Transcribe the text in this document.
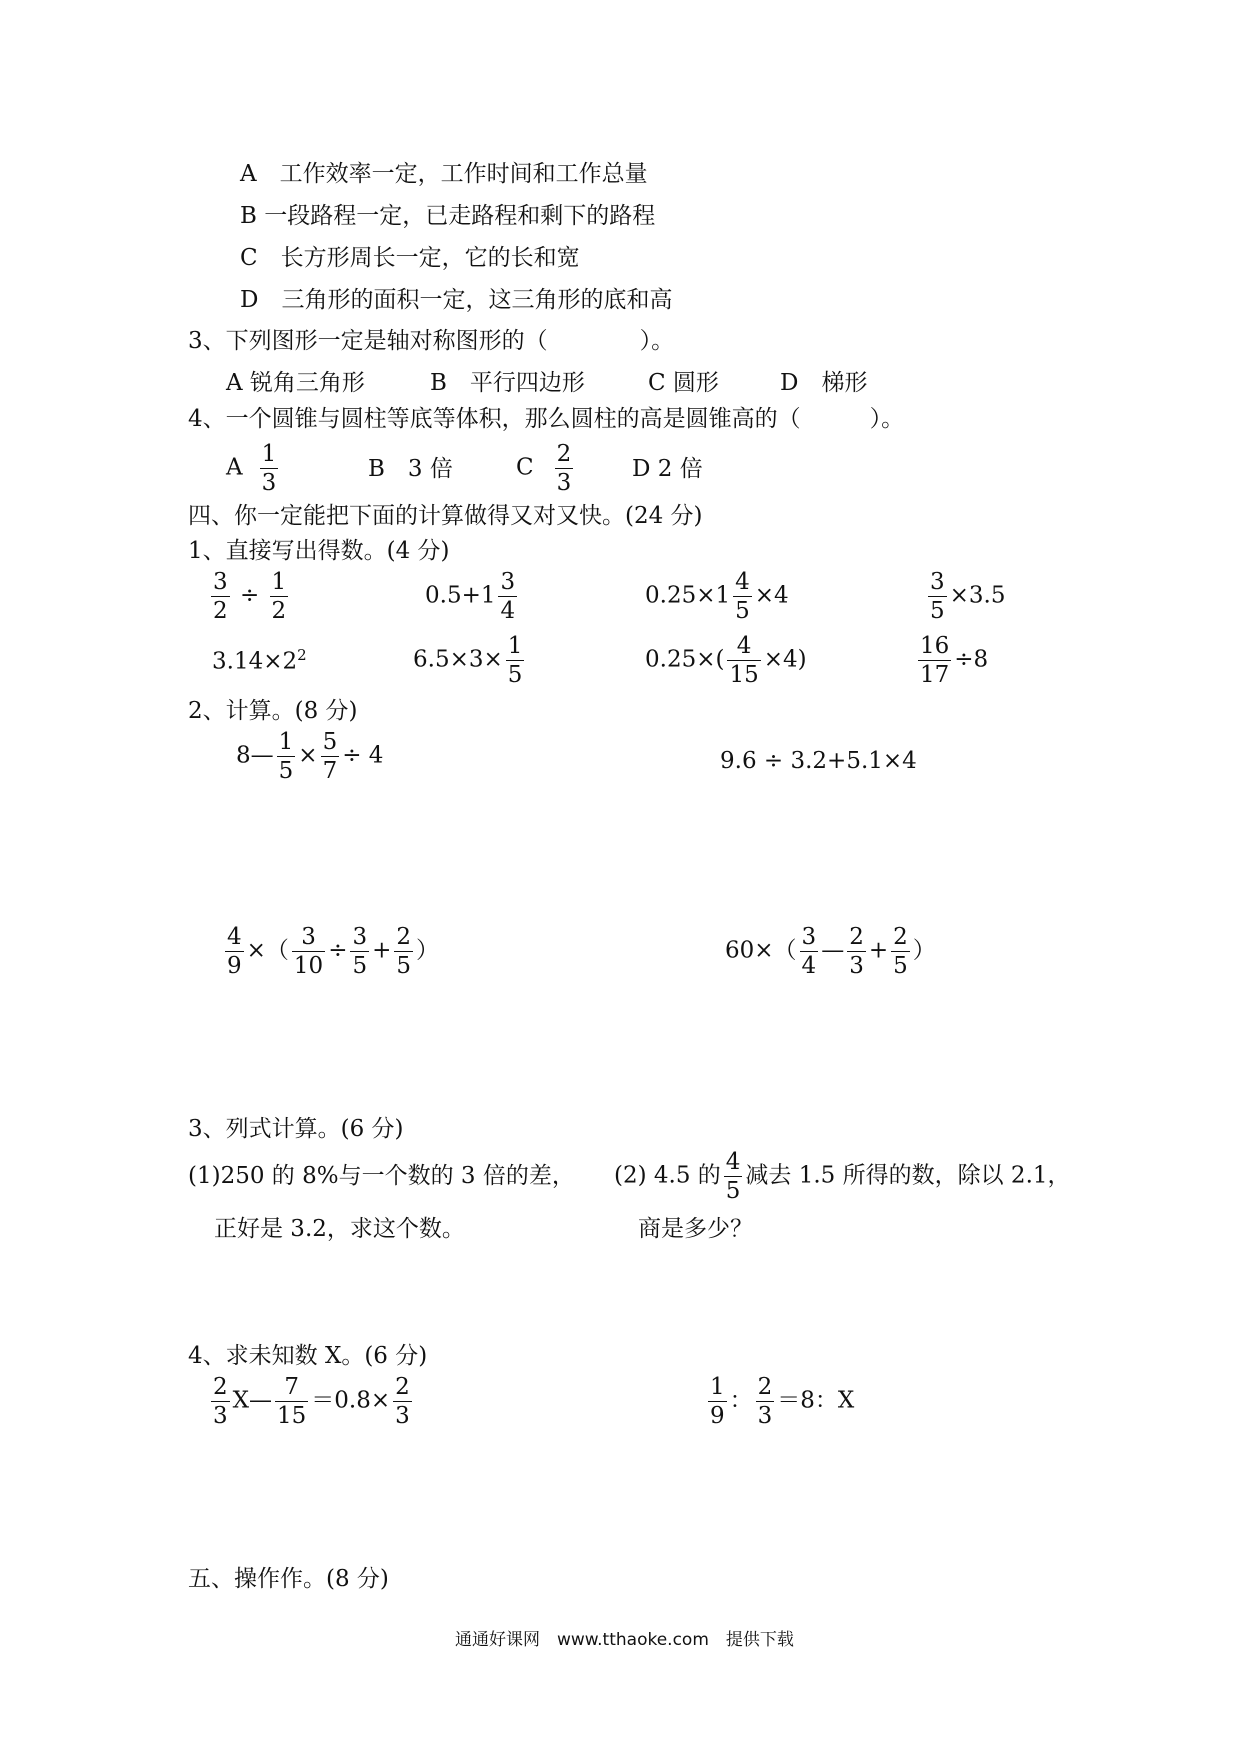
A　工作效率一定，工作时间和工作总量
B 一段路程一定，已走路程和剩下的路程
C　长方形周长一定，它的长和宽
D　三角形的面积一定，这三角形的底和高
3、下列图形一定是轴对称图形的（　　　　）。
A 锐角三角形	B　平行四边形	C 圆形	D　梯形
4、一个圆锥与圆柱等底等体积，那么圆柱的高是圆锥高的（　　　）。
A $\frac{1}{3}$	B　3 倍	C $\frac{2}{3}$	D 2 倍
四、你一定能把下面的计算做得又对又快。(24 分)
1、直接写出得数。(4 分)
$\frac{3}{2} \div \frac{1}{2}$	$0.5+1 \frac{3}{4}$	$0.25\times 1 \frac{4}{5} \times 4$	$\frac{3}{5} \times 3.5$
$3.14\times 2^2$	$6.5\times 3\times \frac{1}{5}$	$0.25\times( \frac{4}{15} \times 4)$	$\frac{16}{17} \div 8$
2、计算。(8 分)
8— $\frac{1}{5} \times \frac{5}{7} \div 4$	9.6 ÷ 3.2+5.1×4
$\frac{4}{9}$ ×（ $\frac{3}{10} \div \frac{3}{5} + \frac{2}{5}$ ）	$60\times( \frac{3}{4}$ — $\frac{2}{3} + \frac{2}{5}$ ）
3、列式计算。(6 分)
(1)250 的 8%与一个数的 3 倍的差，
正好是 3.2，求这个数。
(2) 4.5 的 $\frac{4}{5}$ 减去 1.5 所得的数，除以 2.1，
商是多少？
4、求未知数 X。(6 分)
$\frac{2}{3}$ X— $\frac{7}{15} =0.8\times \frac{2}{3}$	$\frac{1}{9}$ ： $\frac{2}{3} =8$：X
五、操作作。(8 分)
通通好课网　www.tthaoke.com　提供下载
